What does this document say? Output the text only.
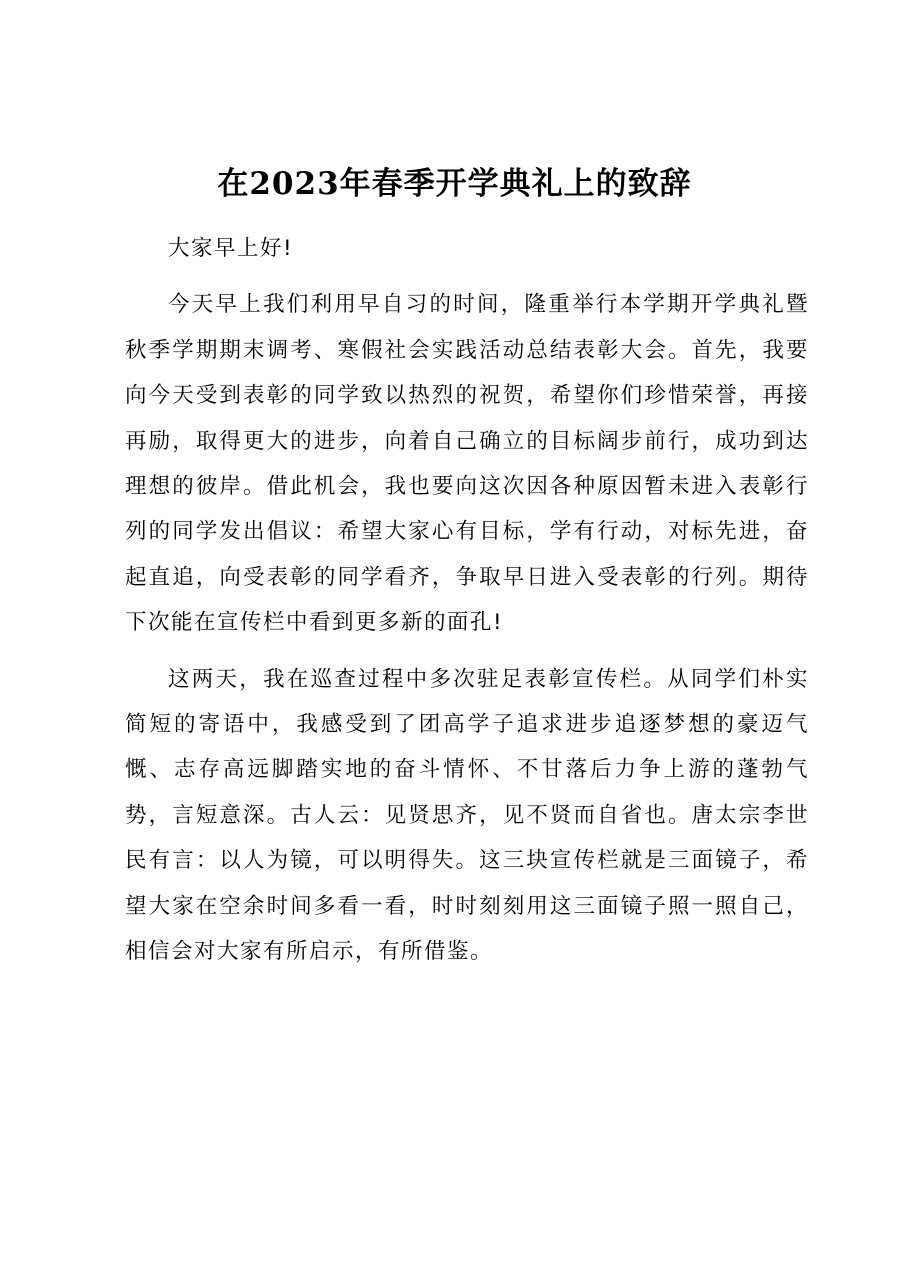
在2023年春季开学典礼上的致辞

大家早上好!

今天早上我们利用早自习的时间，隆重举行本学期开学典礼暨秋季学期期末调考、寒假社会实践活动总结表彰大会。首先，我要向今天受到表彰的同学致以热烈的祝贺，希望你们珍惜荣誉，再接再励，取得更大的进步，向着自己确立的目标阔步前行，成功到达理想的彼岸。借此机会，我也要向这次因各种原因暂未进入表彰行列的同学发出倡议：希望大家心有目标，学有行动，对标先进，奋起直追，向受表彰的同学看齐，争取早日进入受表彰的行列。期待下次能在宣传栏中看到更多新的面孔!

这两天，我在巡查过程中多次驻足表彰宣传栏。从同学们朴实简短的寄语中，我感受到了团高学子追求进步追逐梦想的豪迈气慨、志存高远脚踏实地的奋斗情怀、不甘落后力争上游的蓬勃气势，言短意深。古人云：见贤思齐，见不贤而自省也。唐太宗李世民有言：以人为镜，可以明得失。这三块宣传栏就是三面镜子，希望大家在空余时间多看一看，时时刻刻用这三面镜子照一照自己，相信会对大家有所启示，有所借鉴。
